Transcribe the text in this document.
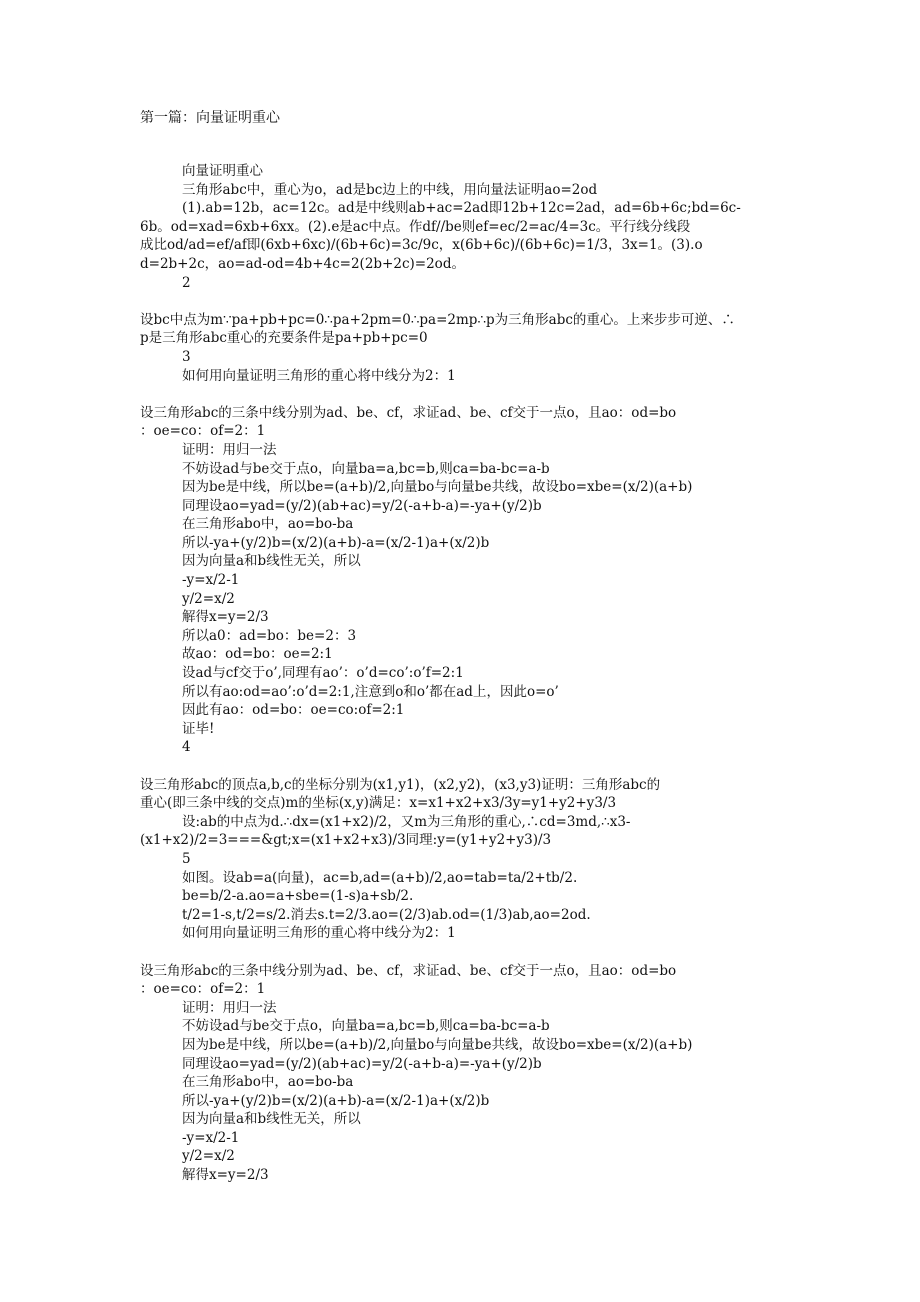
第一篇：向量证明重心
向量证明重心
三角形abc中，重心为o，ad是bc边上的中线，用向量法证明ao=2od
(1).ab=12b，ac=12c。ad是中线则ab+ac=2ad即12b+12c=2ad，ad=6b+6c;bd=6c-
6b。od=xad=6xb+6xx。(2).e是ac中点。作df//be则ef=ec/2=ac/4=3c。平行线分线段
成比od/ad=ef/af即(6xb+6xc)/(6b+6c)=3c/9c，x(6b+6c)/(6b+6c)=1/3，3x=1。(3).o
d=2b+2c，ao=ad-od=4b+4c=2(2b+2c)=2od。
2
设bc中点为m∵pa+pb+pc=0∴pa+2pm=0∴pa=2mp∴p为三角形abc的重心。上来步步可逆、∴
p是三角形abc重心的充要条件是pa+pb+pc=0
3
如何用向量证明三角形的重心将中线分为2：1
设三角形abc的三条中线分别为ad、be、cf，求证ad、be、cf交于一点o，且ao：od=bo
：oe=co：of=2：1
证明：用归一法
不妨设ad与be交于点o，向量ba=a,bc=b,则ca=ba-bc=a-b
因为be是中线，所以be=(a+b)/2,向量bo与向量be共线，故设bo=xbe=(x/2)(a+b)
同理设ao=yad=(y/2)(ab+ac)=y/2(-a+b-a)=-ya+(y/2)b
在三角形abo中，ao=bo-ba
所以-ya+(y/2)b=(x/2)(a+b)-a=(x/2-1)a+(x/2)b
因为向量a和b线性无关，所以
-y=x/2-1
y/2=x/2
解得x=y=2/3
所以a0：ad=bo：be=2：3
故ao：od=bo：oe=2:1
设ad与cf交于o’,同理有ao’：o’d=co’:o’f=2:1
所以有ao:od=ao’:o’d=2:1,注意到o和o’都在ad上，因此o=o’
因此有ao：od=bo：oe=co:of=2:1
证毕!
4
设三角形abc的顶点a,b,c的坐标分别为(x1,y1)，(x2,y2)，(x3,y3)证明：三角形abc的
重心(即三条中线的交点)m的坐标(x,y)满足：x=x1+x2+x3/3y=y1+y2+y3/3
设:ab的中点为d.∴dx=(x1+x2)/2，又m为三角形的重心,∴cd=3md,∴x3-
(x1+x2)/2=3===&gt;x=(x1+x2+x3)/3同理:y=(y1+y2+y3)/3
5
如图。设ab=a(向量)，ac=b,ad=(a+b)/2,ao=tab=ta/2+tb/2.
be=b/2-a.ao=a+sbe=(1-s)a+sb/2.
t/2=1-s,t/2=s/2.消去s.t=2/3.ao=(2/3)ab.od=(1/3)ab,ao=2od.
如何用向量证明三角形的重心将中线分为2：1
设三角形abc的三条中线分别为ad、be、cf，求证ad、be、cf交于一点o，且ao：od=bo
：oe=co：of=2：1
证明：用归一法
不妨设ad与be交于点o，向量ba=a,bc=b,则ca=ba-bc=a-b
因为be是中线，所以be=(a+b)/2,向量bo与向量be共线，故设bo=xbe=(x/2)(a+b)
同理设ao=yad=(y/2)(ab+ac)=y/2(-a+b-a)=-ya+(y/2)b
在三角形abo中，ao=bo-ba
所以-ya+(y/2)b=(x/2)(a+b)-a=(x/2-1)a+(x/2)b
因为向量a和b线性无关，所以
-y=x/2-1
y/2=x/2
解得x=y=2/3
